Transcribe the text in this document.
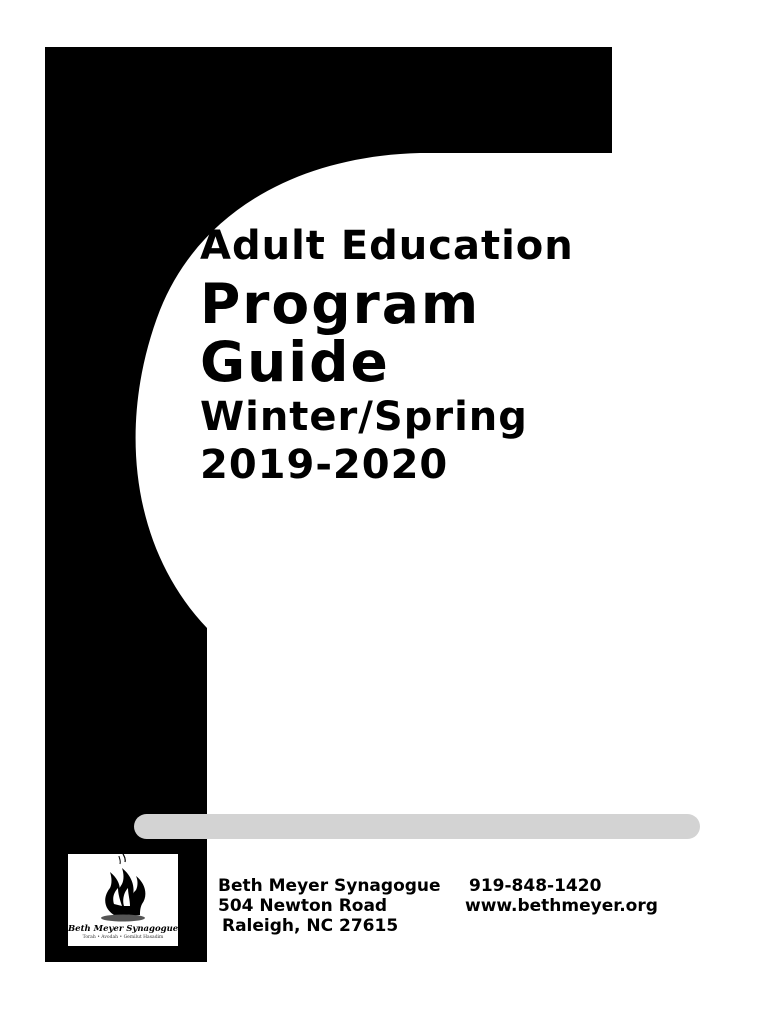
Adult Education
Program
Guide
Winter/Spring
2019-2020
Beth Meyer Synagogue
Torah • Avodah • Gemilut Hasadim
Beth Meyer Synagogue
504 Newton Road
Raleigh, NC 27615
919-848-1420
www.bethmeyer.org
